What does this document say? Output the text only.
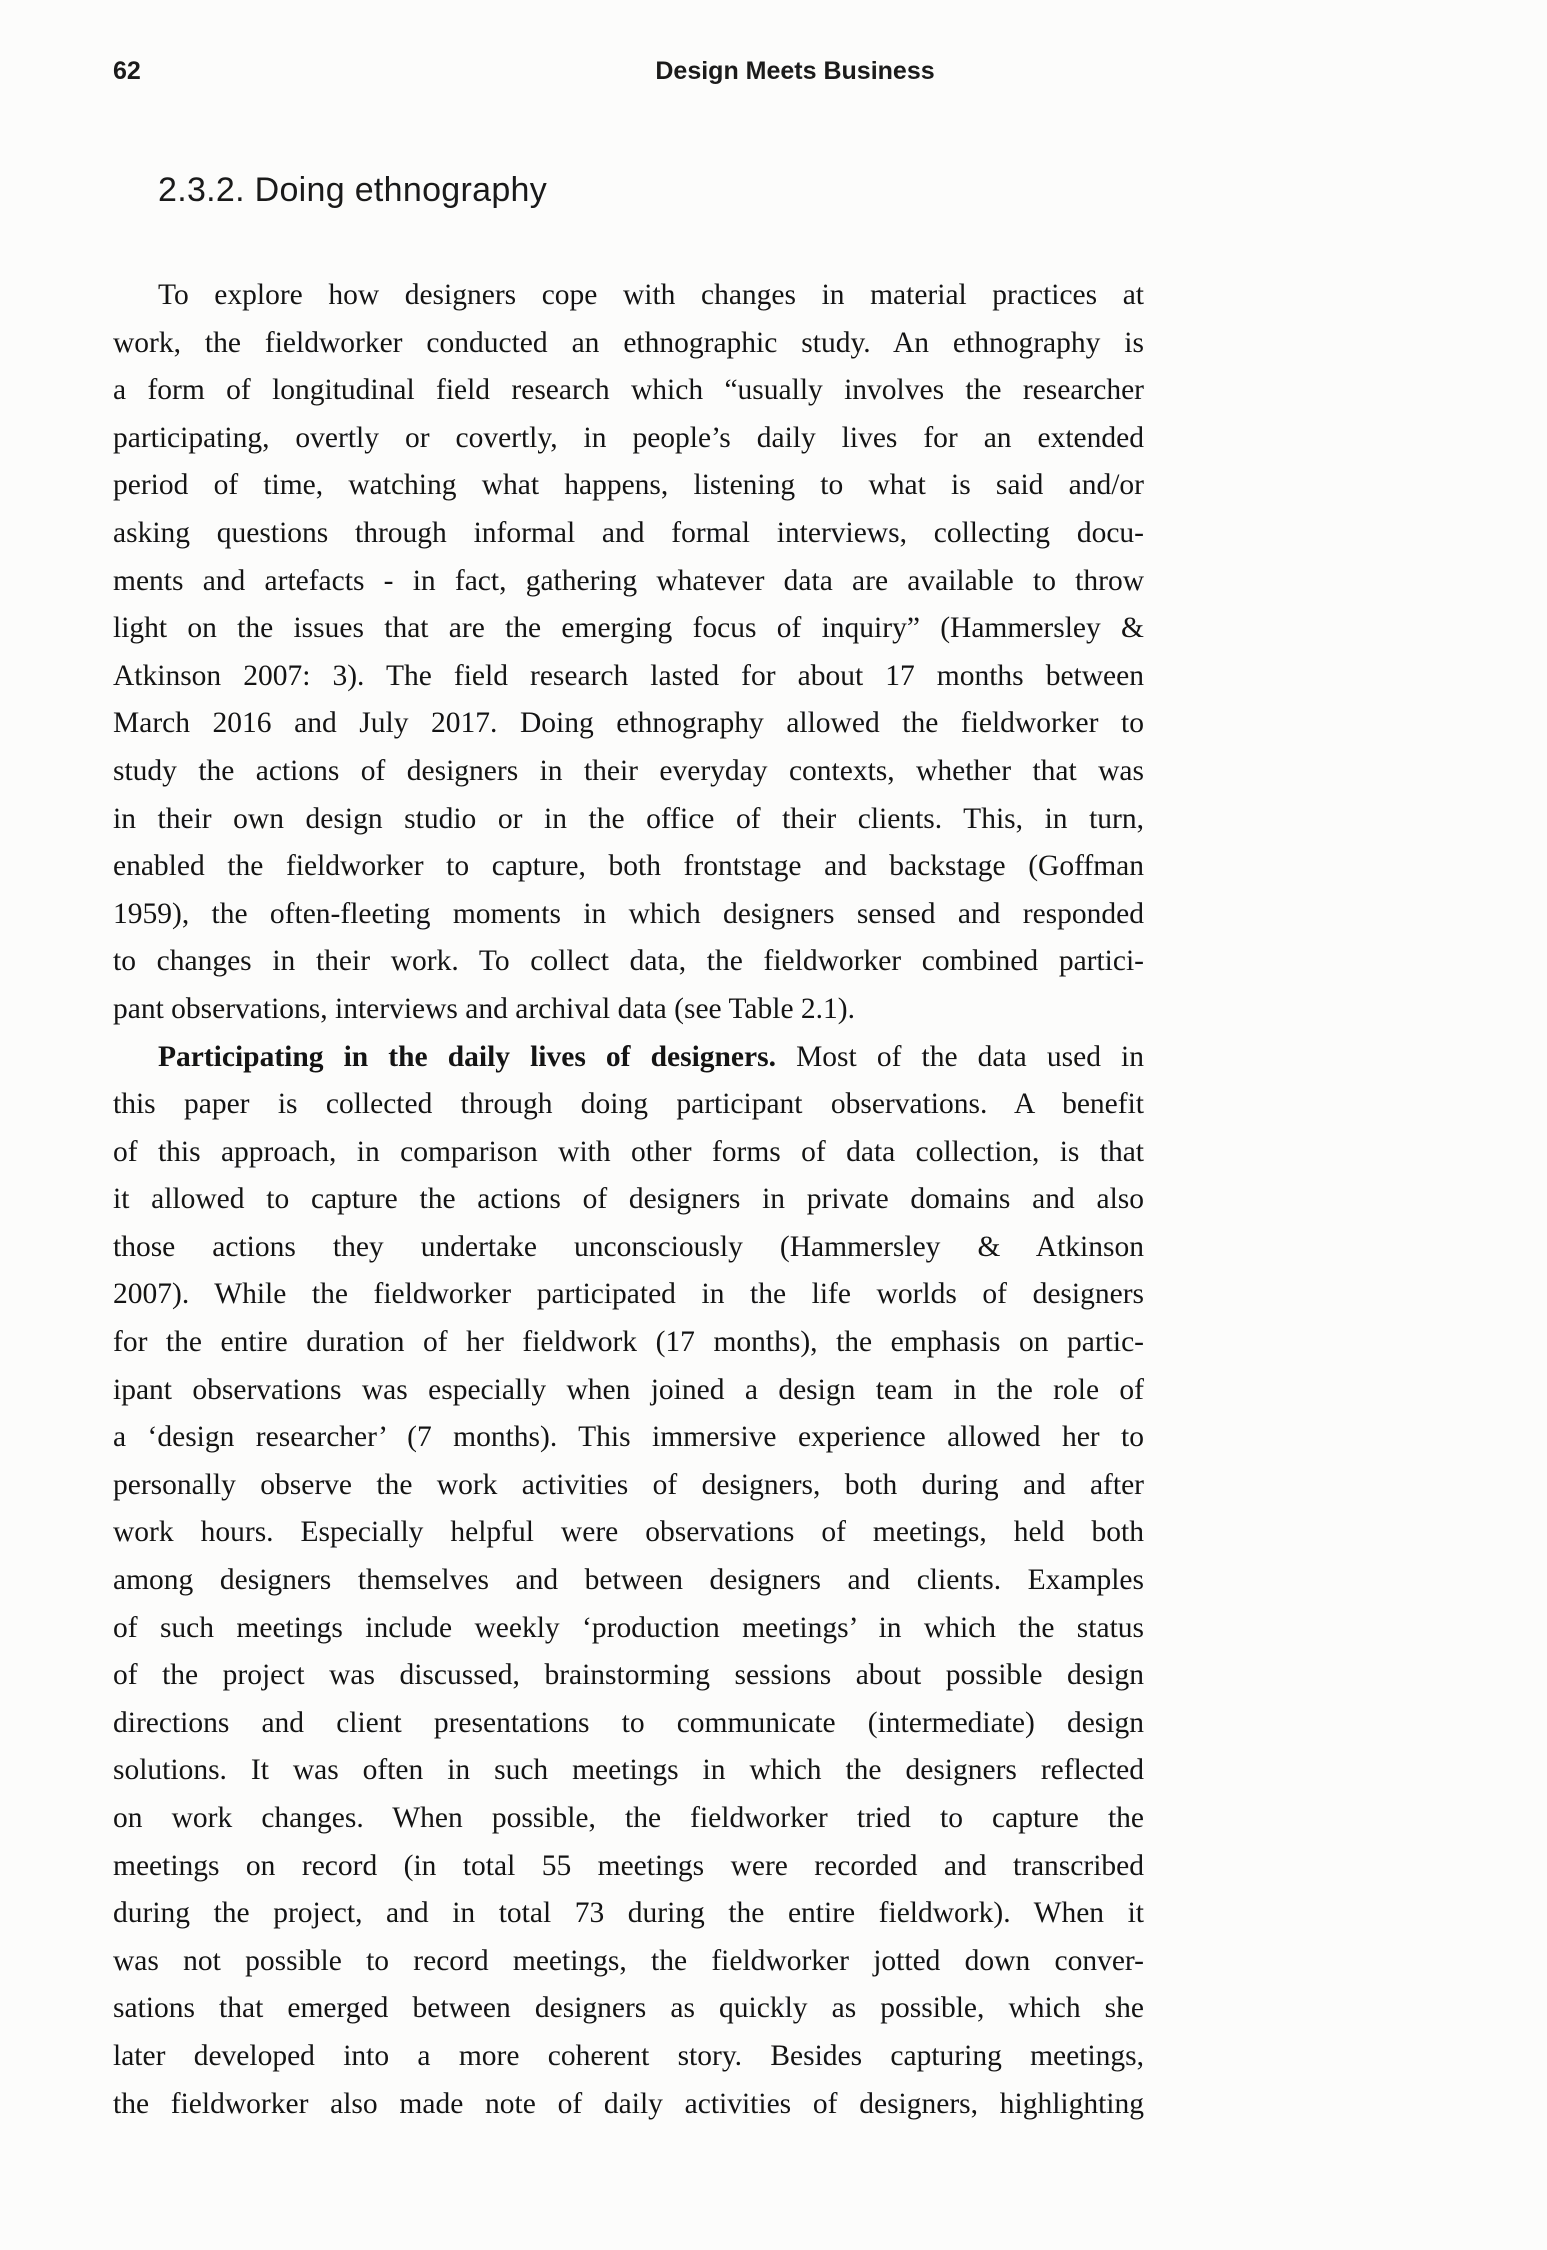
62	Design Meets Business
2.3.2. Doing ethnography
To explore how designers cope with changes in material practices at
work, the fieldworker conducted an ethnographic study. An ethnography is
a form of longitudinal field research which “usually involves the researcher
participating, overtly or covertly, in people’s daily lives for an extended
period of time, watching what happens, listening to what is said and/or
asking questions through informal and formal interviews, collecting docu-
ments and artefacts - in fact, gathering whatever data are available to throw
light on the issues that are the emerging focus of inquiry” (Hammersley &
Atkinson 2007: 3). The field research lasted for about 17 months between
March 2016 and July 2017. Doing ethnography allowed the fieldworker to
study the actions of designers in their everyday contexts, whether that was
in their own design studio or in the office of their clients. This, in turn,
enabled the fieldworker to capture, both frontstage and backstage (Goffman
1959), the often-fleeting moments in which designers sensed and responded
to changes in their work. To collect data, the fieldworker combined partici-
pant observations, interviews and archival data (see Table 2.1).
Participating in the daily lives of designers. Most of the data used in
this paper is collected through doing participant observations. A benefit
of this approach, in comparison with other forms of data collection, is that
it allowed to capture the actions of designers in private domains and also
those actions they undertake unconsciously (Hammersley & Atkinson
2007). While the fieldworker participated in the life worlds of designers
for the entire duration of her fieldwork (17 months), the emphasis on partic-
ipant observations was especially when joined a design team in the role of
a ‘design researcher’ (7 months). This immersive experience allowed her to
personally observe the work activities of designers, both during and after
work hours. Especially helpful were observations of meetings, held both
among designers themselves and between designers and clients. Examples
of such meetings include weekly ‘production meetings’ in which the status
of the project was discussed, brainstorming sessions about possible design
directions and client presentations to communicate (intermediate) design
solutions. It was often in such meetings in which the designers reflected
on work changes. When possible, the fieldworker tried to capture the
meetings on record (in total 55 meetings were recorded and transcribed
during the project, and in total 73 during the entire fieldwork). When it
was not possible to record meetings, the fieldworker jotted down conver-
sations that emerged between designers as quickly as possible, which she
later developed into a more coherent story. Besides capturing meetings,
the fieldworker also made note of daily activities of designers, highlighting
